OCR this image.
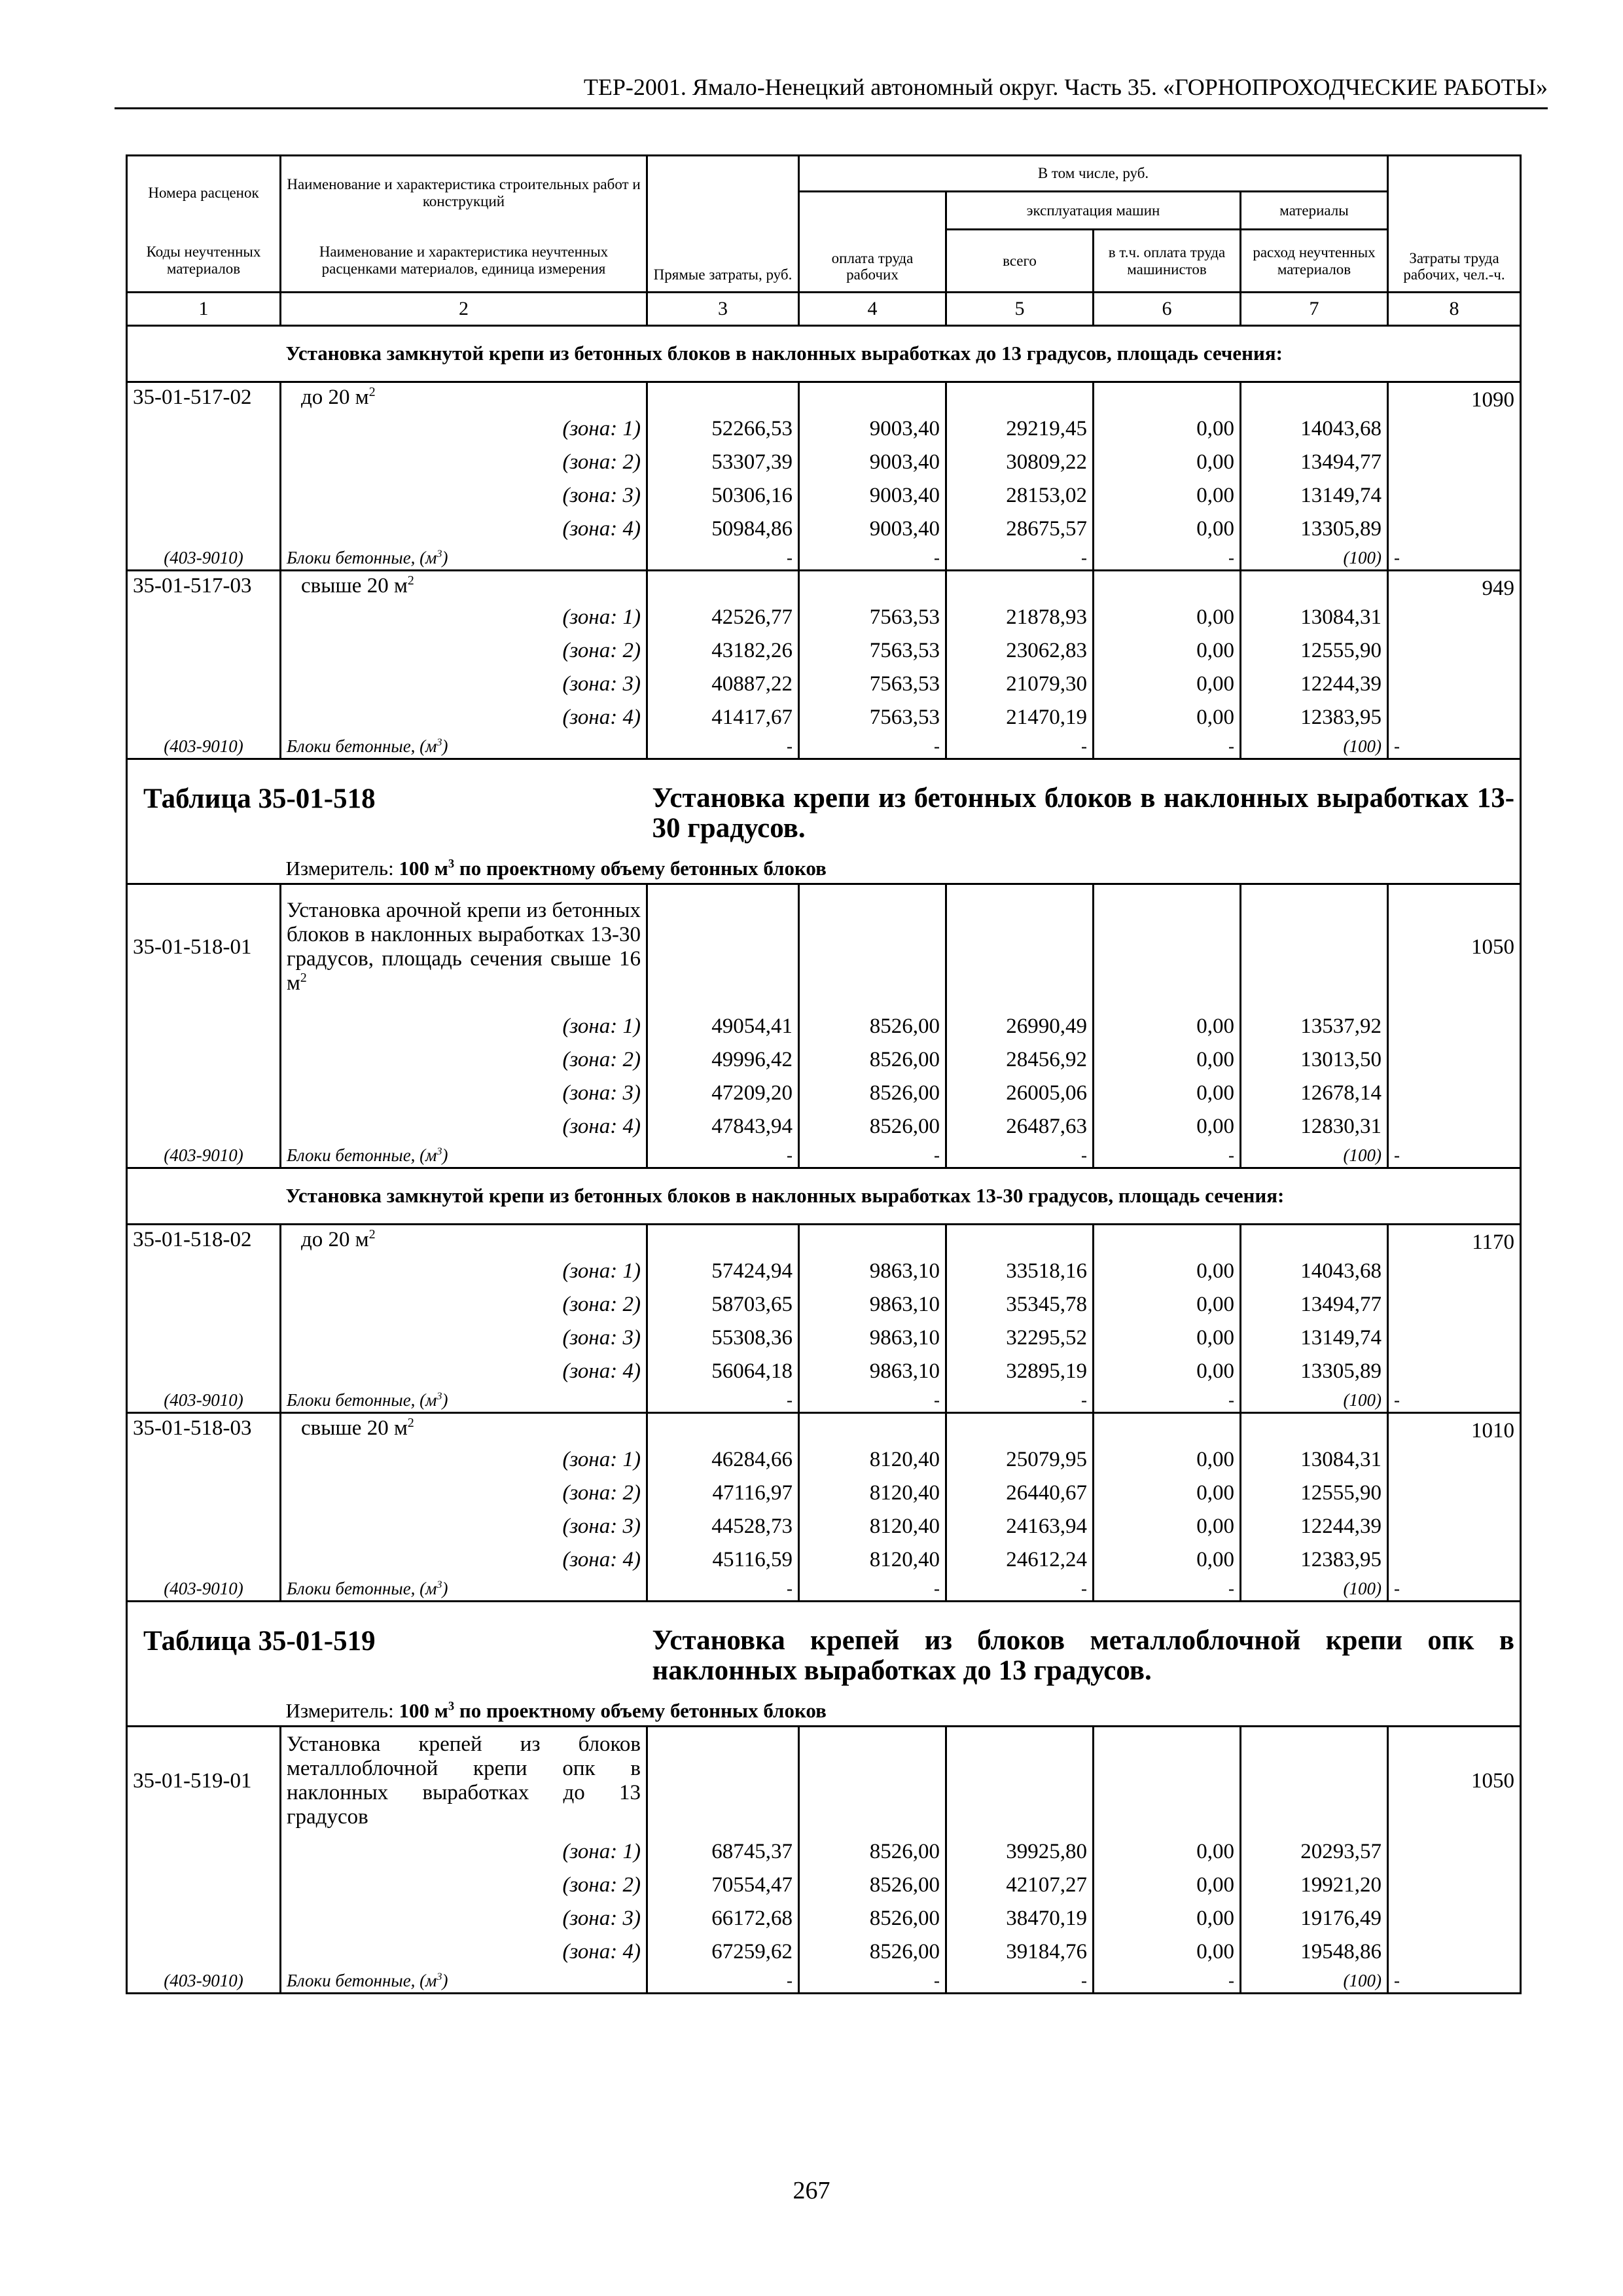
ТЕР-2001. Ямало-Ненецкий автономный округ. Часть 35. «ГОРНОПРОХОДЧЕСКИЕ РАБОТЫ»
Номера расценок	Наименование и характеристика строительных работ и конструкций	Прямые затраты, руб.	В том числе, руб.				Затраты труда рабочих, чел.-ч.
			оплата труда рабочих	эксплуатация машин		материалы	
Коды неучтенных материалов	Наименование и характеристика неучтенных расценками материалов, единица измерения			всего	в т.ч. оплата труда машинистов	расход неучтенных материалов	
1	2	3	4	5	6	7	8
	Установка замкнутой крепи из бетонных блоков в наклонных выработках до 13 градусов, площадь сечения:						
35-01-517-02	до 20 $м^2$						1090
	(зона: 1)	52266,53	9003,40	29219,45	0,00	14043,68	
	(зона: 2)	53307,39	9003,40	30809,22	0,00	13494,77	
	(зона: 3)	50306,16	9003,40	28153,02	0,00	13149,74	
	(зона: 4)	50984,86	9003,40	28675,57	0,00	13305,89	
(403-9010)	Блоки бетонные, $(м^3)$	-	-	-	-	(100)	-
35-01-517-03	свыше 20 $м^2$						949
	(зона: 1)	42526,77	7563,53	21878,93	0,00	13084,31	
	(зона: 2)	43182,26	7563,53	23062,83	0,00	12555,90	
	(зона: 3)	40887,22	7563,53	21079,30	0,00	12244,39	
	(зона: 4)	41417,67	7563,53	21470,19	0,00	12383,95	
(403-9010)	Блоки бетонные, $(м^3)$	-	-	-	-	(100)	-
Таблица 35-01-518		Установка крепи из бетонных блоков в наклонных выработках 13-30 градусов.					
	Измеритель: 100 $м^3$ по проектному объему бетонных блоков						
35-01-518-01	Установка арочной крепи из бетонных блоков в наклонных выработках 13-30 градусов, площадь сечения свыше 16 $м^2$						1050
	(зона: 1)	49054,41	8526,00	26990,49	0,00	13537,92	
	(зона: 2)	49996,42	8526,00	28456,92	0,00	13013,50	
	(зона: 3)	47209,20	8526,00	26005,06	0,00	12678,14	
	(зона: 4)	47843,94	8526,00	26487,63	0,00	12830,31	
(403-9010)	Блоки бетонные, $(м^3)$	-	-	-	-	(100)	-
	Установка замкнутой крепи из бетонных блоков в наклонных выработках 13-30 градусов, площадь сечения:						
35-01-518-02	до 20 $м^2$						1170
	(зона: 1)	57424,94	9863,10	33518,16	0,00	14043,68	
	(зона: 2)	58703,65	9863,10	35345,78	0,00	13494,77	
	(зона: 3)	55308,36	9863,10	32295,52	0,00	13149,74	
	(зона: 4)	56064,18	9863,10	32895,19	0,00	13305,89	
(403-9010)	Блоки бетонные, $(м^3)$	-	-	-	-	(100)	-
35-01-518-03	свыше 20 $м^2$						1010
	(зона: 1)	46284,66	8120,40	25079,95	0,00	13084,31	
	(зона: 2)	47116,97	8120,40	26440,67	0,00	12555,90	
	(зона: 3)	44528,73	8120,40	24163,94	0,00	12244,39	
	(зона: 4)	45116,59	8120,40	24612,24	0,00	12383,95	
(403-9010)	Блоки бетонные, $(м^3)$	-	-	-	-	(100)	-
Таблица 35-01-519		Установка крепей из блоков металлоблочной крепи опк в наклонных выработках до 13 градусов.					
	Измеритель: 100 $м^3$ по проектному объему бетонных блоков						
35-01-519-01	Установка крепей из блоков металлоблочной крепи опк в наклонных выработках до 13 градусов						1050
	(зона: 1)	68745,37	8526,00	39925,80	0,00	20293,57	
	(зона: 2)	70554,47	8526,00	42107,27	0,00	19921,20	
	(зона: 3)	66172,68	8526,00	38470,19	0,00	19176,49	
	(зона: 4)	67259,62	8526,00	39184,76	0,00	19548,86	
(403-9010)	Блоки бетонные, $(м^3)$	-	-	-	-	(100)	-
267
